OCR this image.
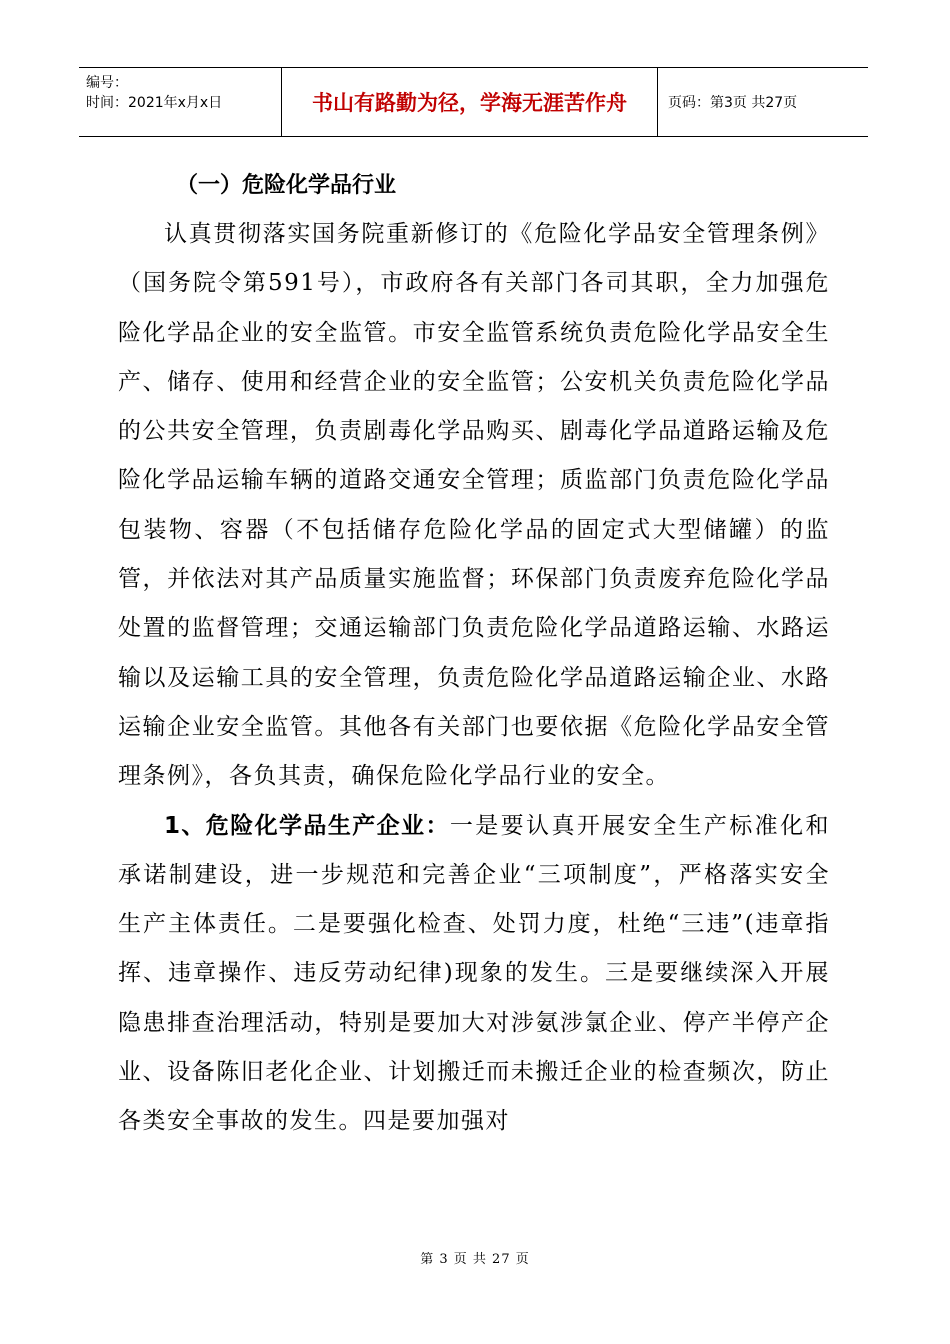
编号：
时间：2021年x月x日	书山有路勤为径，学海无涯苦作舟	页码：第3页 共27页
（一）危险化学品行业

认真贯彻落实国务院重新修订的《危险化学品安全管理条例》（国务院令第591号），市政府各有关部门各司其职，全力加强危险化学品企业的安全监管。市安全监管系统负责危险化学品安全生产、储存、使用和经营企业的安全监管；公安机关负责危险化学品的公共安全管理，负责剧毒化学品购买、剧毒化学品道路运输及危险化学品运输车辆的道路交通安全管理；质监部门负责危险化学品包装物、容器（不包括储存危险化学品的固定式大型储罐）的监管，并依法对其产品质量实施监督；环保部门负责废弃危险化学品处置的监督管理；交通运输部门负责危险化学品道路运输、水路运输以及运输工具的安全管理，负责危险化学品道路运输企业、水路运输企业安全监管。其他各有关部门也要依据《危险化学品安全管理条例》，各负其责，确保危险化学品行业的安全。

1、危险化学品生产企业：一是要认真开展安全生产标准化和承诺制建设，进一步规范和完善企业“三项制度”，严格落实安全生产主体责任。二是要强化检查、处罚力度，杜绝“三违”(违章指挥、违章操作、违反劳动纪律)现象的发生。三是要继续深入开展隐患排查治理活动，特别是要加大对涉氨涉氯企业、停产半停产企业、设备陈旧老化企业、计划搬迁而未搬迁企业的检查频次，防止各类安全事故的发生。四是要加强对

第 3 页 共 27 页
